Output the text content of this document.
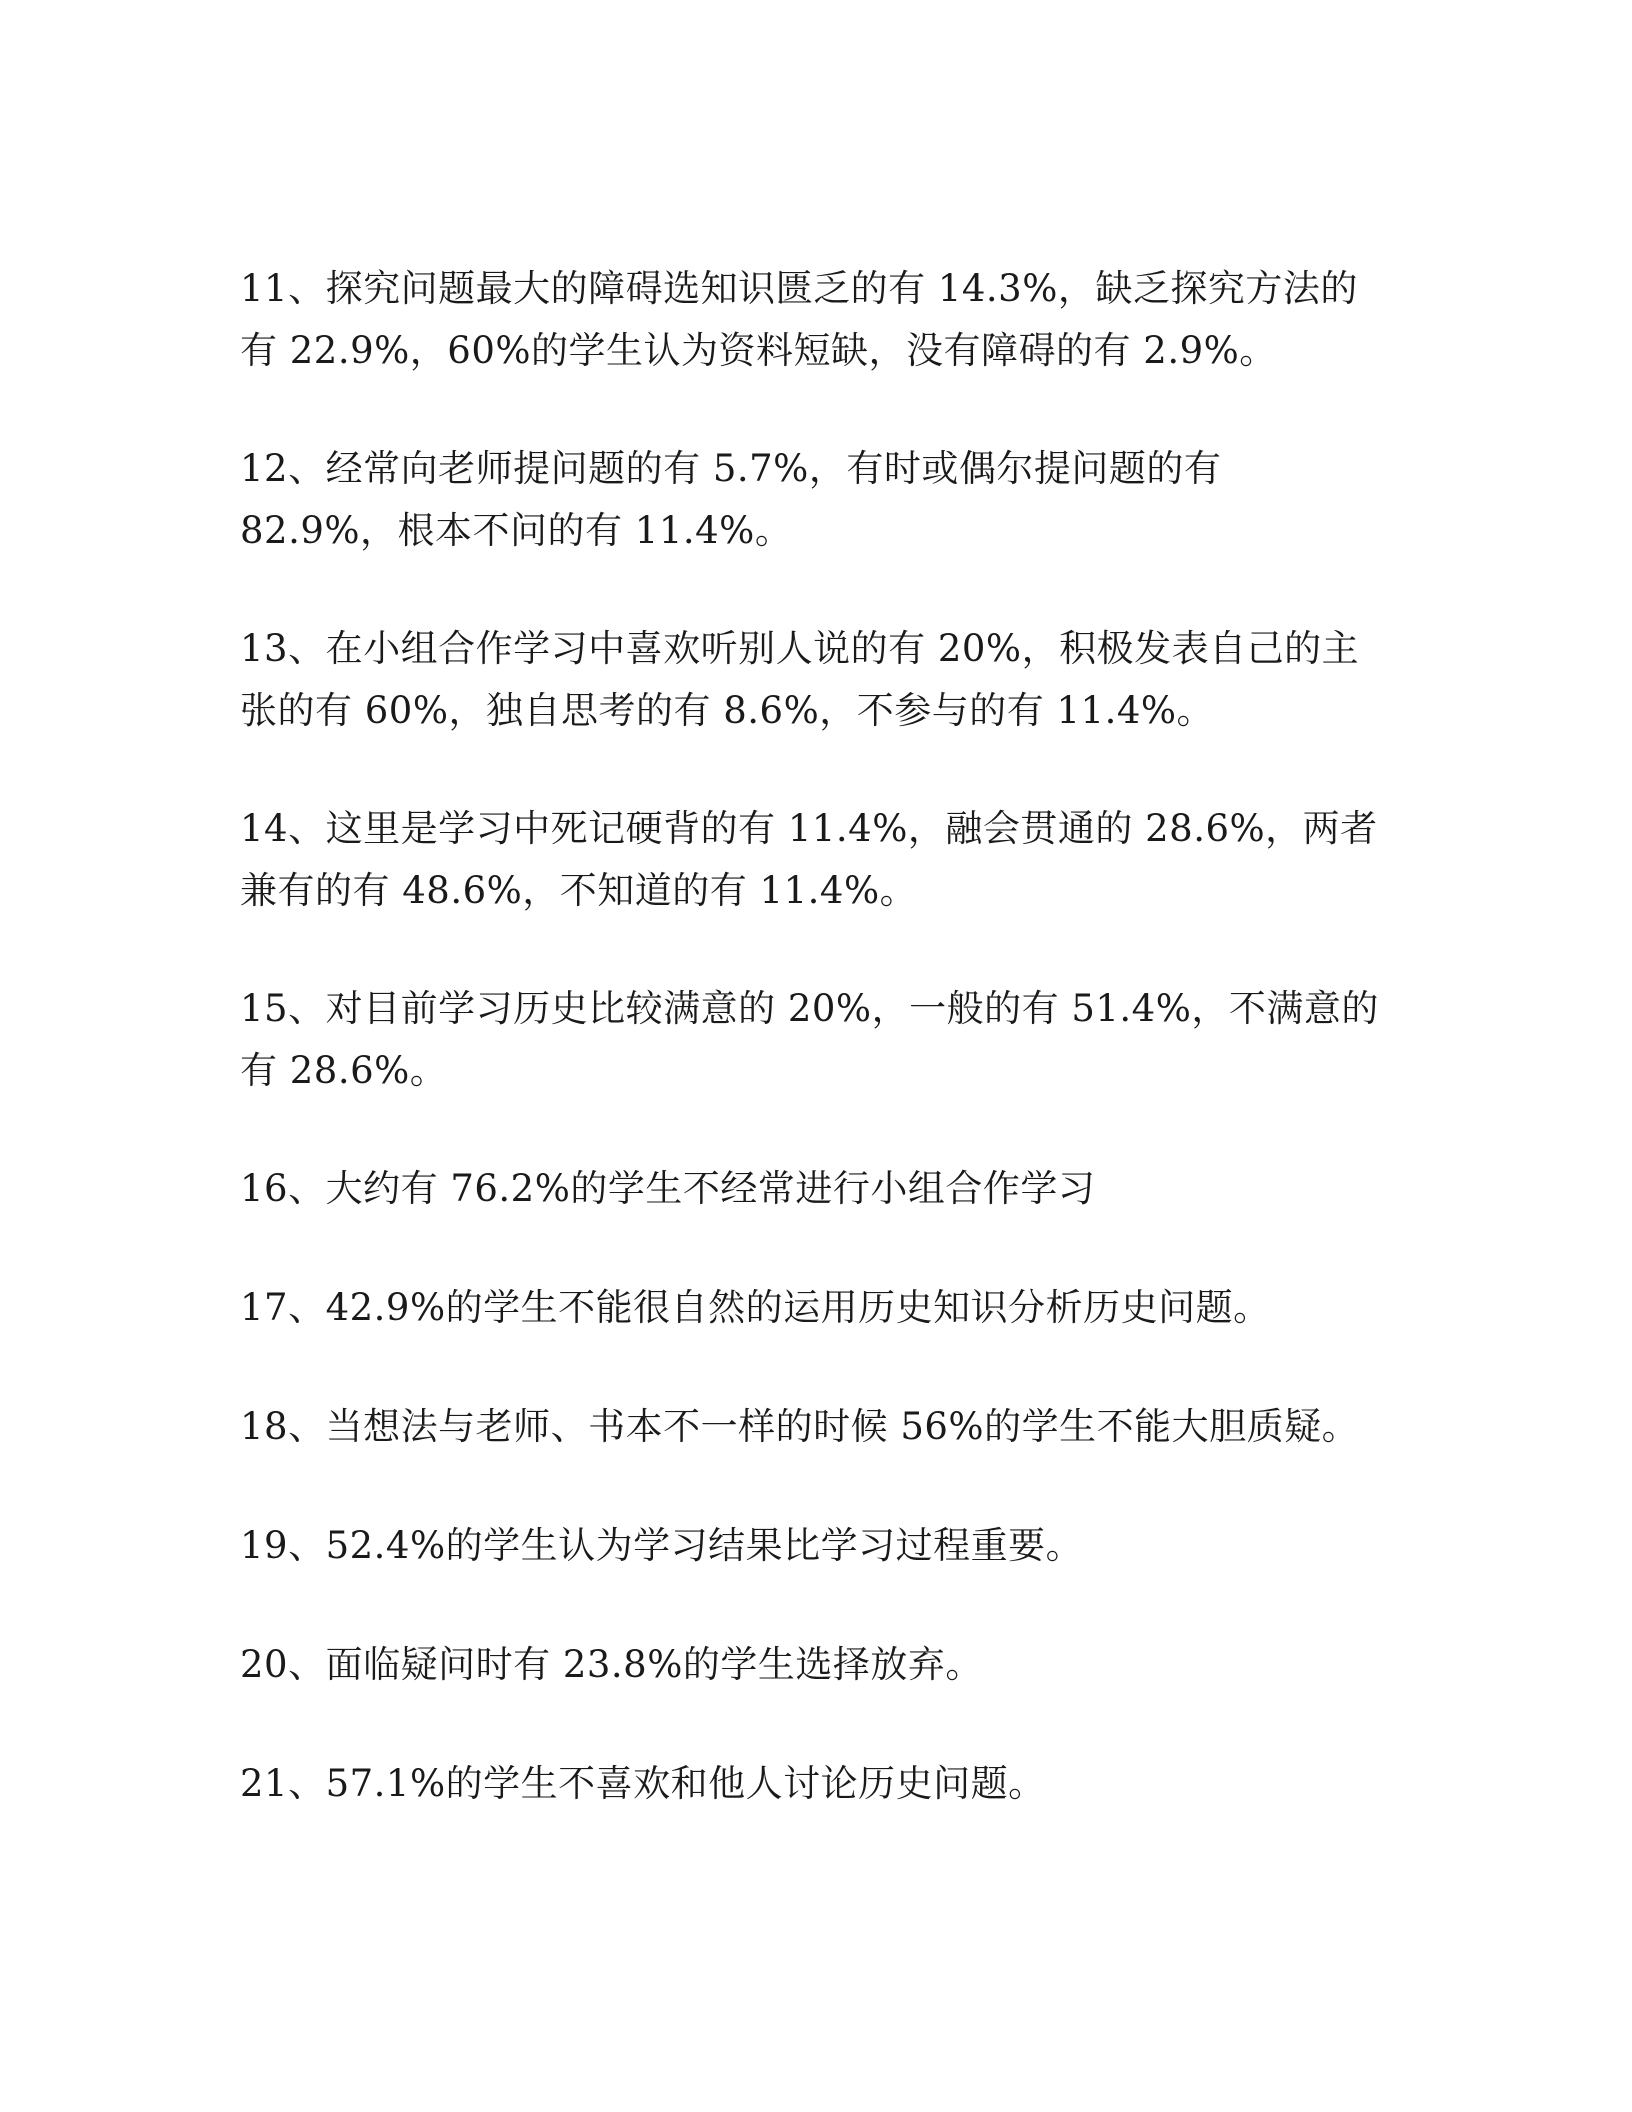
11、探究问题最大的障碍选知识匮乏的有 14.3%，缺乏探究方法的
有 22.9%，60%的学生认为资料短缺，没有障碍的有 2.9%。

12、经常向老师提问题的有 5.7%，有时或偶尔提问题的有
82.9%，根本不问的有 11.4%。

13、在小组合作学习中喜欢听别人说的有 20%，积极发表自己的主
张的有 60%，独自思考的有 8.6%，不参与的有 11.4%。

14、这里是学习中死记硬背的有 11.4%，融会贯通的 28.6%，两者
兼有的有 48.6%，不知道的有 11.4%。

15、对目前学习历史比较满意的 20%，一般的有 51.4%，不满意的
有 28.6%。

16、大约有 76.2%的学生不经常进行小组合作学习

17、42.9%的学生不能很自然的运用历史知识分析历史问题。

18、当想法与老师、书本不一样的时候 56%的学生不能大胆质疑。

19、52.4%的学生认为学习结果比学习过程重要。

20、面临疑问时有 23.8%的学生选择放弃。

21、57.1%的学生不喜欢和他人讨论历史问题。
